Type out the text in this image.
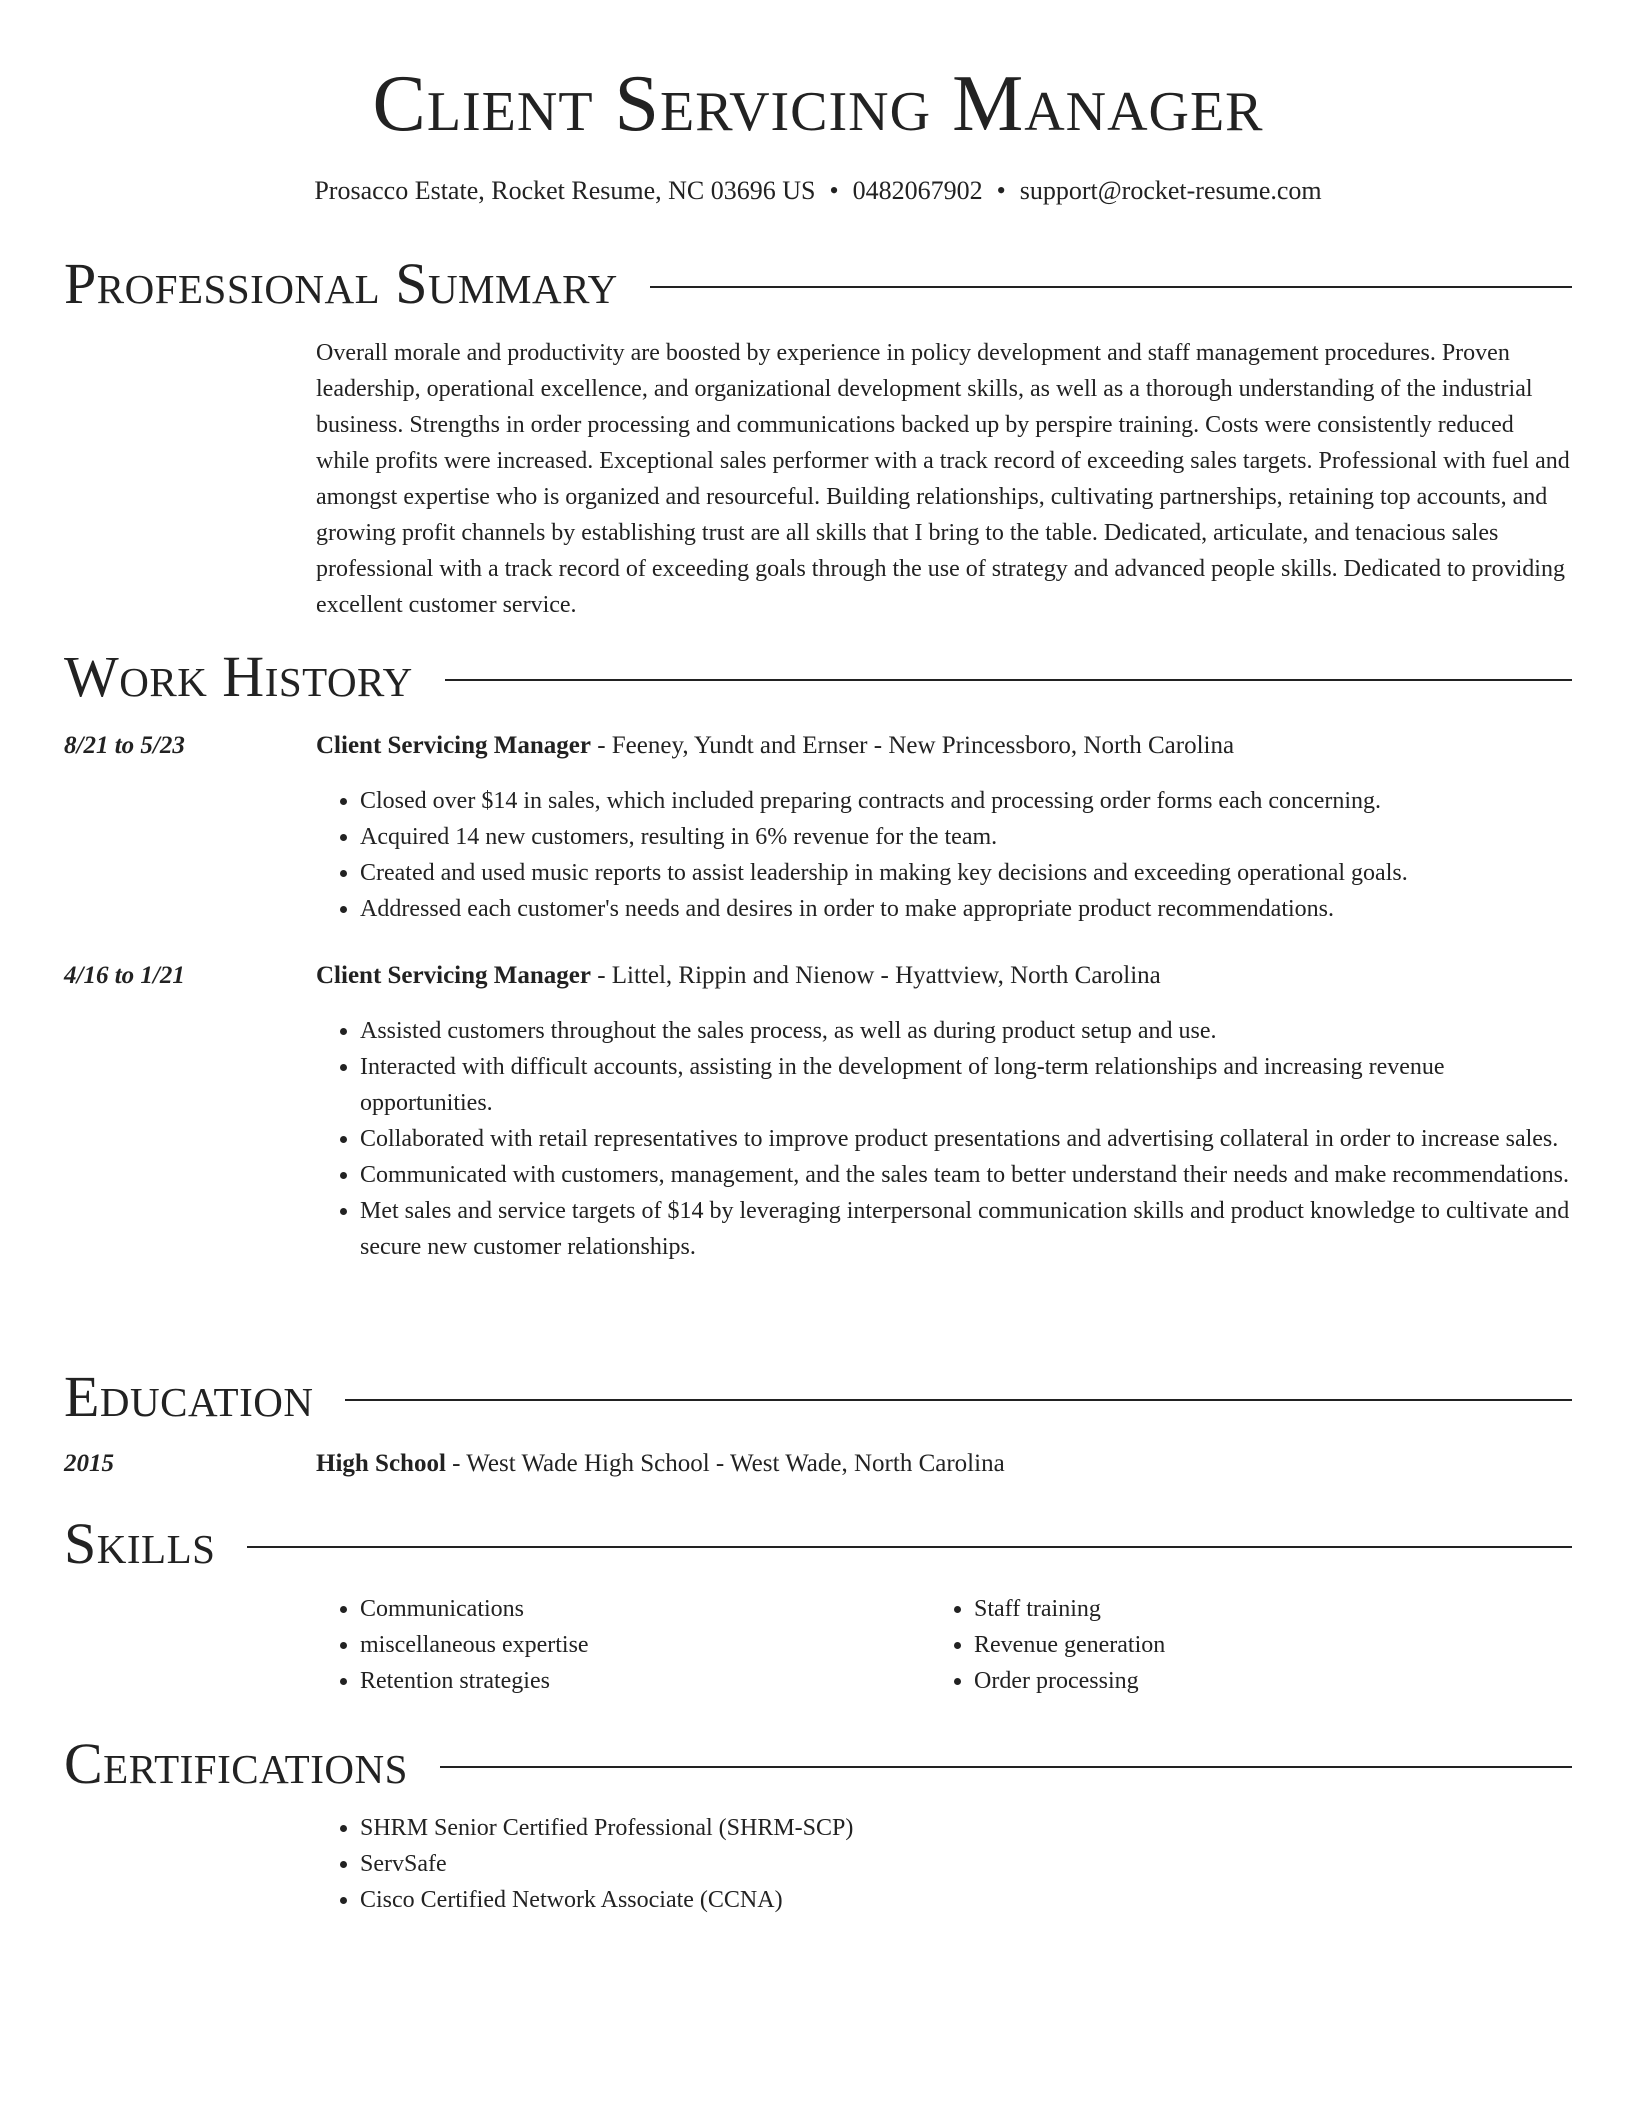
Client Servicing Manager
Prosacco Estate, Rocket Resume, NC 03696 US • 0482067902 • support@rocket-resume.com
Professional Summary

Overall morale and productivity are boosted by experience in policy development and staff management procedures. Proven leadership, operational excellence, and organizational development skills, as well as a thorough understanding of the industrial business. Strengths in order processing and communications backed up by perspire training. Costs were consistently reduced while profits were increased. Exceptional sales performer with a track record of exceeding sales targets. Professional with fuel and amongst expertise who is organized and resourceful. Building relationships, cultivating partnerships, retaining top accounts, and growing profit channels by establishing trust are all skills that I bring to the table. Dedicated, articulate, and tenacious sales professional with a track record of exceeding goals through the use of strategy and advanced people skills. Dedicated to providing excellent customer service.

Work History
8/21 to 5/23	Client Servicing Manager - Feeney, Yundt and Ernser - New Princessboro, North Carolina
• Closed over $14 in sales, which included preparing contracts and processing order forms each concerning.
• Acquired 14 new customers, resulting in 6% revenue for the team.
• Created and used music reports to assist leadership in making key decisions and exceeding operational goals.
• Addressed each customer's needs and desires in order to make appropriate product recommendations.
4/16 to 1/21	Client Servicing Manager - Littel, Rippin and Nienow - Hyattview, North Carolina
• Assisted customers throughout the sales process, as well as during product setup and use.
• Interacted with difficult accounts, assisting in the development of long-term relationships and increasing revenue opportunities.
• Collaborated with retail representatives to improve product presentations and advertising collateral in order to increase sales.
• Communicated with customers, management, and the sales team to better understand their needs and make recommendations.
• Met sales and service targets of $14 by leveraging interpersonal communication skills and product knowledge to cultivate and secure new customer relationships.
Education
2015	High School - West Wade High School - West Wade, North Carolina
Skills
• Communications
• miscellaneous expertise
• Retention strategies
• Staff training
• Revenue generation
• Order processing
Certifications
• SHRM Senior Certified Professional (SHRM-SCP)
• ServSafe
• Cisco Certified Network Associate (CCNA)
